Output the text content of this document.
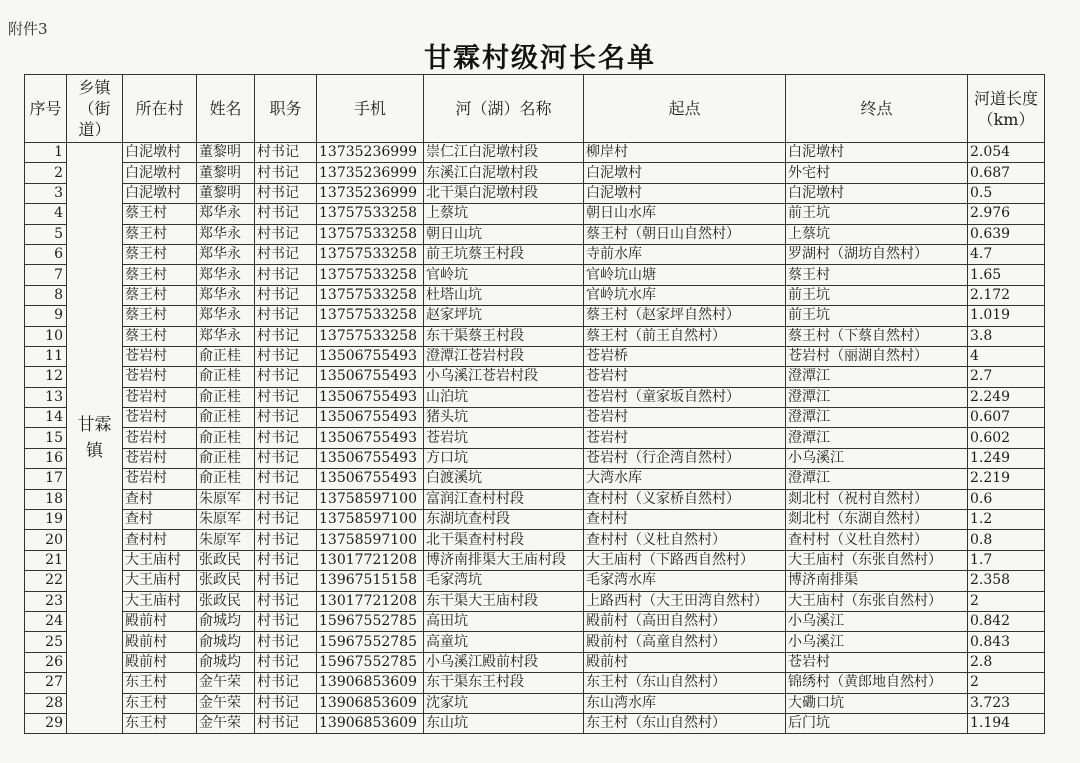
附件3
甘霖村级河长名单
序号	乡镇（街道）	所在村	姓名	职务	手机	河（湖）名称	起点	终点	河道长度（km）
1	甘霖镇	白泥墩村	董黎明	村书记	13735236999	崇仁江白泥墩村段	柳岸村	白泥墩村	2.054
2		白泥墩村	董黎明	村书记	13735236999	东溪江白泥墩村段	白泥墩村	外宅村	0.687
3		白泥墩村	董黎明	村书记	13735236999	北干渠白泥墩村段	白泥墩村	白泥墩村	0.5
4		蔡王村	郑华永	村书记	13757533258	上蔡坑	朝日山水库	前王坑	2.976
5		蔡王村	郑华永	村书记	13757533258	朝日山坑	蔡王村（朝日山自然村）	上蔡坑	0.639
6		蔡王村	郑华永	村书记	13757533258	前王坑蔡王村段	寺前水库	罗湖村（湖坊自然村）	4.7
7		蔡王村	郑华永	村书记	13757533258	官岭坑	官岭坑山塘	蔡王村	1.65
8		蔡王村	郑华永	村书记	13757533258	杜塔山坑	官岭坑水库	前王坑	2.172
9		蔡王村	郑华永	村书记	13757533258	赵家坪坑	蔡王村（赵家坪自然村）	前王坑	1.019
10		蔡王村	郑华永	村书记	13757533258	东干渠蔡王村段	蔡王村（前王自然村）	蔡王村（下蔡自然村）	3.8
11		苍岩村	俞正桂	村书记	13506755493	澄潭江苍岩村段	苍岩桥	苍岩村（丽湖自然村）	4
12		苍岩村	俞正桂	村书记	13506755493	小乌溪江苍岩村段	苍岩村	澄潭江	2.7
13		苍岩村	俞正桂	村书记	13506755493	山泊坑	苍岩村（童家坂自然村）	澄潭江	2.249
14		苍岩村	俞正桂	村书记	13506755493	猪头坑	苍岩村	澄潭江	0.607
15		苍岩村	俞正桂	村书记	13506755493	苍岩坑	苍岩村	澄潭江	0.602
16		苍岩村	俞正桂	村书记	13506755493	方口坑	苍岩村（行企湾自然村）	小乌溪江	1.249
17		苍岩村	俞正桂	村书记	13506755493	白渡溪坑	大湾水库	澄潭江	2.219
18		查村	朱原军	村书记	13758597100	富润江查村村段	查村村（义家桥自然村）	剡北村（祝村自然村）	0.6
19		查村	朱原军	村书记	13758597100	东湖坑查村段	查村村	剡北村（东湖自然村）	1.2
20		查村村	朱原军	村书记	13758597100	北干渠查村村段	查村村（义杜自然村）	查村村（义杜自然村）	0.8
21		大王庙村	张政民	村书记	13017721208	博济南排渠大王庙村段	大王庙村（下路西自然村）	大王庙村（东张自然村）	1.7
22		大王庙村	张政民	村书记	13967515158	毛家湾坑	毛家湾水库	博济南排渠	2.358
23		大王庙村	张政民	村书记	13017721208	东干渠大王庙村段	上路西村（大王田湾自然村）	大王庙村（东张自然村）	2
24		殿前村	俞城均	村书记	15967552785	高田坑	殿前村（高田自然村）	小乌溪江	0.842
25		殿前村	俞城均	村书记	15967552785	高童坑	殿前村（高童自然村）	小乌溪江	0.843
26		殿前村	俞城均	村书记	15967552785	小乌溪江殿前村段	殿前村	苍岩村	2.8
27		东王村	金午荣	村书记	13906853609	东干渠东王村段	东王村（东山自然村）	锦绣村（黄郎地自然村）	2
28		东王村	金午荣	村书记	13906853609	沈家坑	东山湾水库	大磡口坑	3.723
29		东王村	金午荣	村书记	13906853609	东山坑	东王村（东山自然村）	后门坑	1.194
